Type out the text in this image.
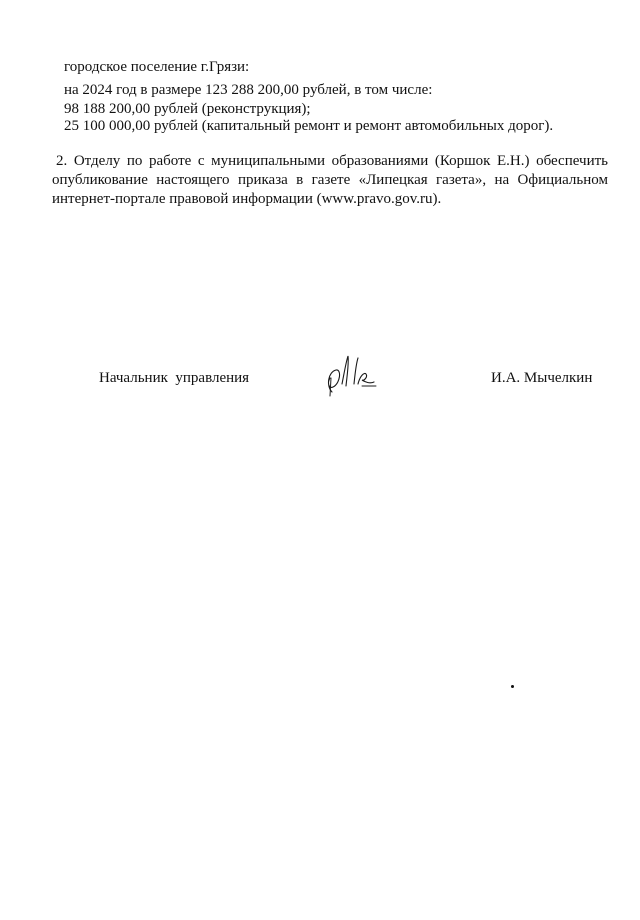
городское поселение г.Грязи:
на 2024 год в размере 123 288 200,00 рублей, в том числе:
98 188 200,00 рублей (реконструкция);
25 100 000,00 рублей (капитальный ремонт и ремонт автомобильных дорог).
2. Отделу по работе с муниципальными образованиями (Коршок Е.Н.) обеспечить
опубликование настоящего приказа в газете «Липецкая газета», на Официальном
интернет-портале правовой информации (www.pravo.gov.ru).
Начальник  управления	И.А. Мычелкин
